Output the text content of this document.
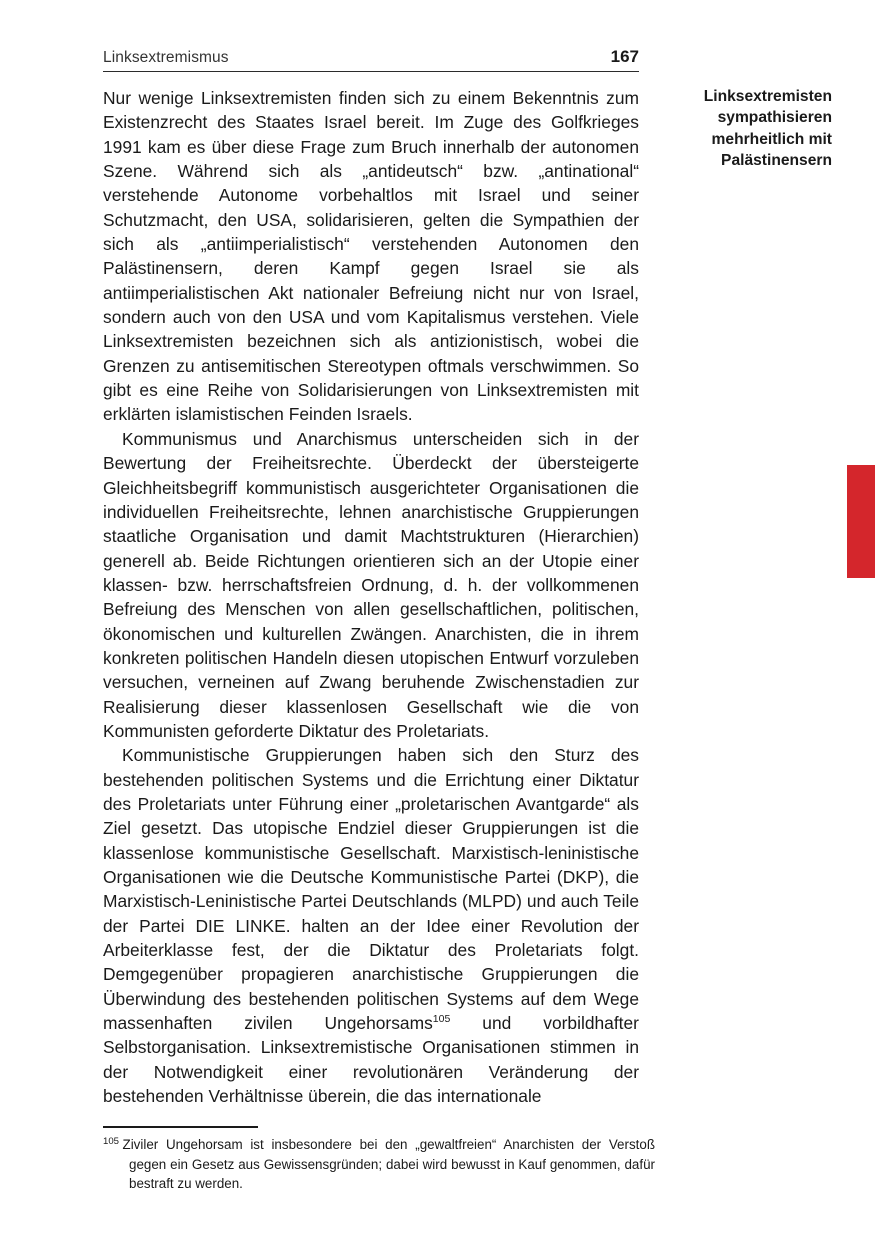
Linksextremismus	167

Nur wenige Linksextremisten finden sich zu einem Bekenntnis zum Existenzrecht des Staates Israel bereit. Im Zuge des Golfkrieges 1991 kam es über diese Frage zum Bruch innerhalb der autonomen Szene. Während sich als „antideutsch“ bzw. „antinational“ verstehende Autonome vorbehaltlos mit Israel und seiner Schutzmacht, den USA, solidarisieren, gelten die Sympathien der sich als „antiimperialistisch“ verstehenden Autonomen den Palästinensern, deren Kampf gegen Israel sie als antiimperialistischen Akt nationaler Befreiung nicht nur von Israel, sondern auch von den USA und vom Kapitalismus verstehen. Viele Linksextremisten bezeichnen sich als antizionistisch, wobei die Grenzen zu antisemitischen Stereotypen oftmals verschwimmen. So gibt es eine Reihe von Solidarisierungen von Linksextremisten mit erklärten islamistischen Feinden Israels.

Kommunismus und Anarchismus unterscheiden sich in der Bewertung der Freiheitsrechte. Überdeckt der übersteigerte Gleichheitsbegriff kommunistisch ausgerichteter Organisationen die individuellen Freiheitsrechte, lehnen anarchistische Gruppierungen staatliche Organisation und damit Machtstrukturen (Hierarchien) generell ab. Beide Richtungen orientieren sich an der Utopie einer klassen- bzw. herrschaftsfreien Ordnung, d. h. der vollkommenen Befreiung des Menschen von allen gesellschaftlichen, politischen, ökonomischen und kulturellen Zwängen. Anarchisten, die in ihrem konkreten politischen Handeln diesen utopischen Entwurf vorzuleben versuchen, verneinen auf Zwang beruhende Zwischenstadien zur Realisierung dieser klassenlosen Gesellschaft wie die von Kommunisten geforderte Diktatur des Proletariats.

Kommunistische Gruppierungen haben sich den Sturz des bestehenden politischen Systems und die Errichtung einer Diktatur des Proletariats unter Führung einer „proletarischen Avantgarde“ als Ziel gesetzt. Das utopische Endziel dieser Gruppierungen ist die klassenlose kommunistische Gesellschaft. Marxistisch-leninistische Organisationen wie die Deutsche Kommunistische Partei (DKP), die Marxistisch-Leninistische Partei Deutschlands (MLPD) und auch Teile der Partei DIE LINKE. halten an der Idee einer Revolution der Arbeiterklasse fest, der die Diktatur des Proletariats folgt. Demgegenüber propagieren anarchistische Gruppierungen die Überwindung des bestehenden politischen Systems auf dem Wege massenhaften zivilen Ungehorsams$^{105}$ und vorbildhafter Selbstorganisation. Linksextremistische Organisationen stimmen in der Notwendigkeit einer revolutionären Veränderung der bestehenden Verhältnisse überein, die das internationale

Linksextremisten
sympathisieren
mehrheitlich mit
Palästinensern

$^{105}$ Ziviler Ungehorsam ist insbesondere bei den „gewaltfreien“ Anarchisten der Verstoß gegen ein Gesetz aus Gewissensgründen; dabei wird bewusst in Kauf genommen, dafür bestraft zu werden.
